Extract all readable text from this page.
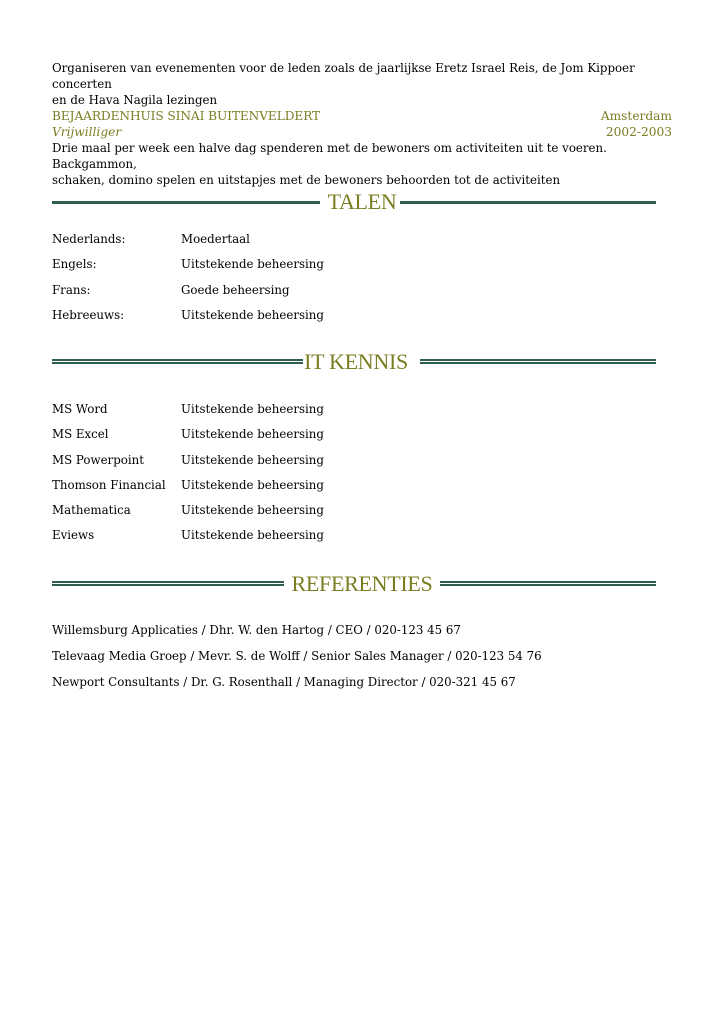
Organiseren van evenementen voor de leden zoals de jaarlijkse Eretz Israel Reis, de Jom Kippoer concerten
en de Hava Nagila lezingen
BEJAARDENHUIS SINAI BUITENVELDERT	Amsterdam
Vrijwilliger	2002-2003
Drie maal per week een halve dag spenderen met de bewoners om activiteiten uit te voeren. Backgammon,
schaken, domino spelen en uitstapjes met de bewoners behoorden tot de activiteiten
TALEN
Nederlands:	Moedertaal
Engels:	Uitstekende beheersing
Frans:	Goede beheersing
Hebreeuws:	Uitstekende beheersing
IT KENNIS
MS Word	Uitstekende beheersing
MS Excel	Uitstekende beheersing
MS Powerpoint	Uitstekende beheersing
Thomson Financial	Uitstekende beheersing
Mathematica	Uitstekende beheersing
Eviews	Uitstekende beheersing
REFERENTIES
Willemsburg Applicaties / Dhr. W. den Hartog / CEO / 020-123 45 67
Televaag Media Groep / Mevr. S. de Wolff / Senior Sales Manager / 020-123 54 76
Newport Consultants / Dr. G. Rosenthall / Managing Director / 020-321 45 67
